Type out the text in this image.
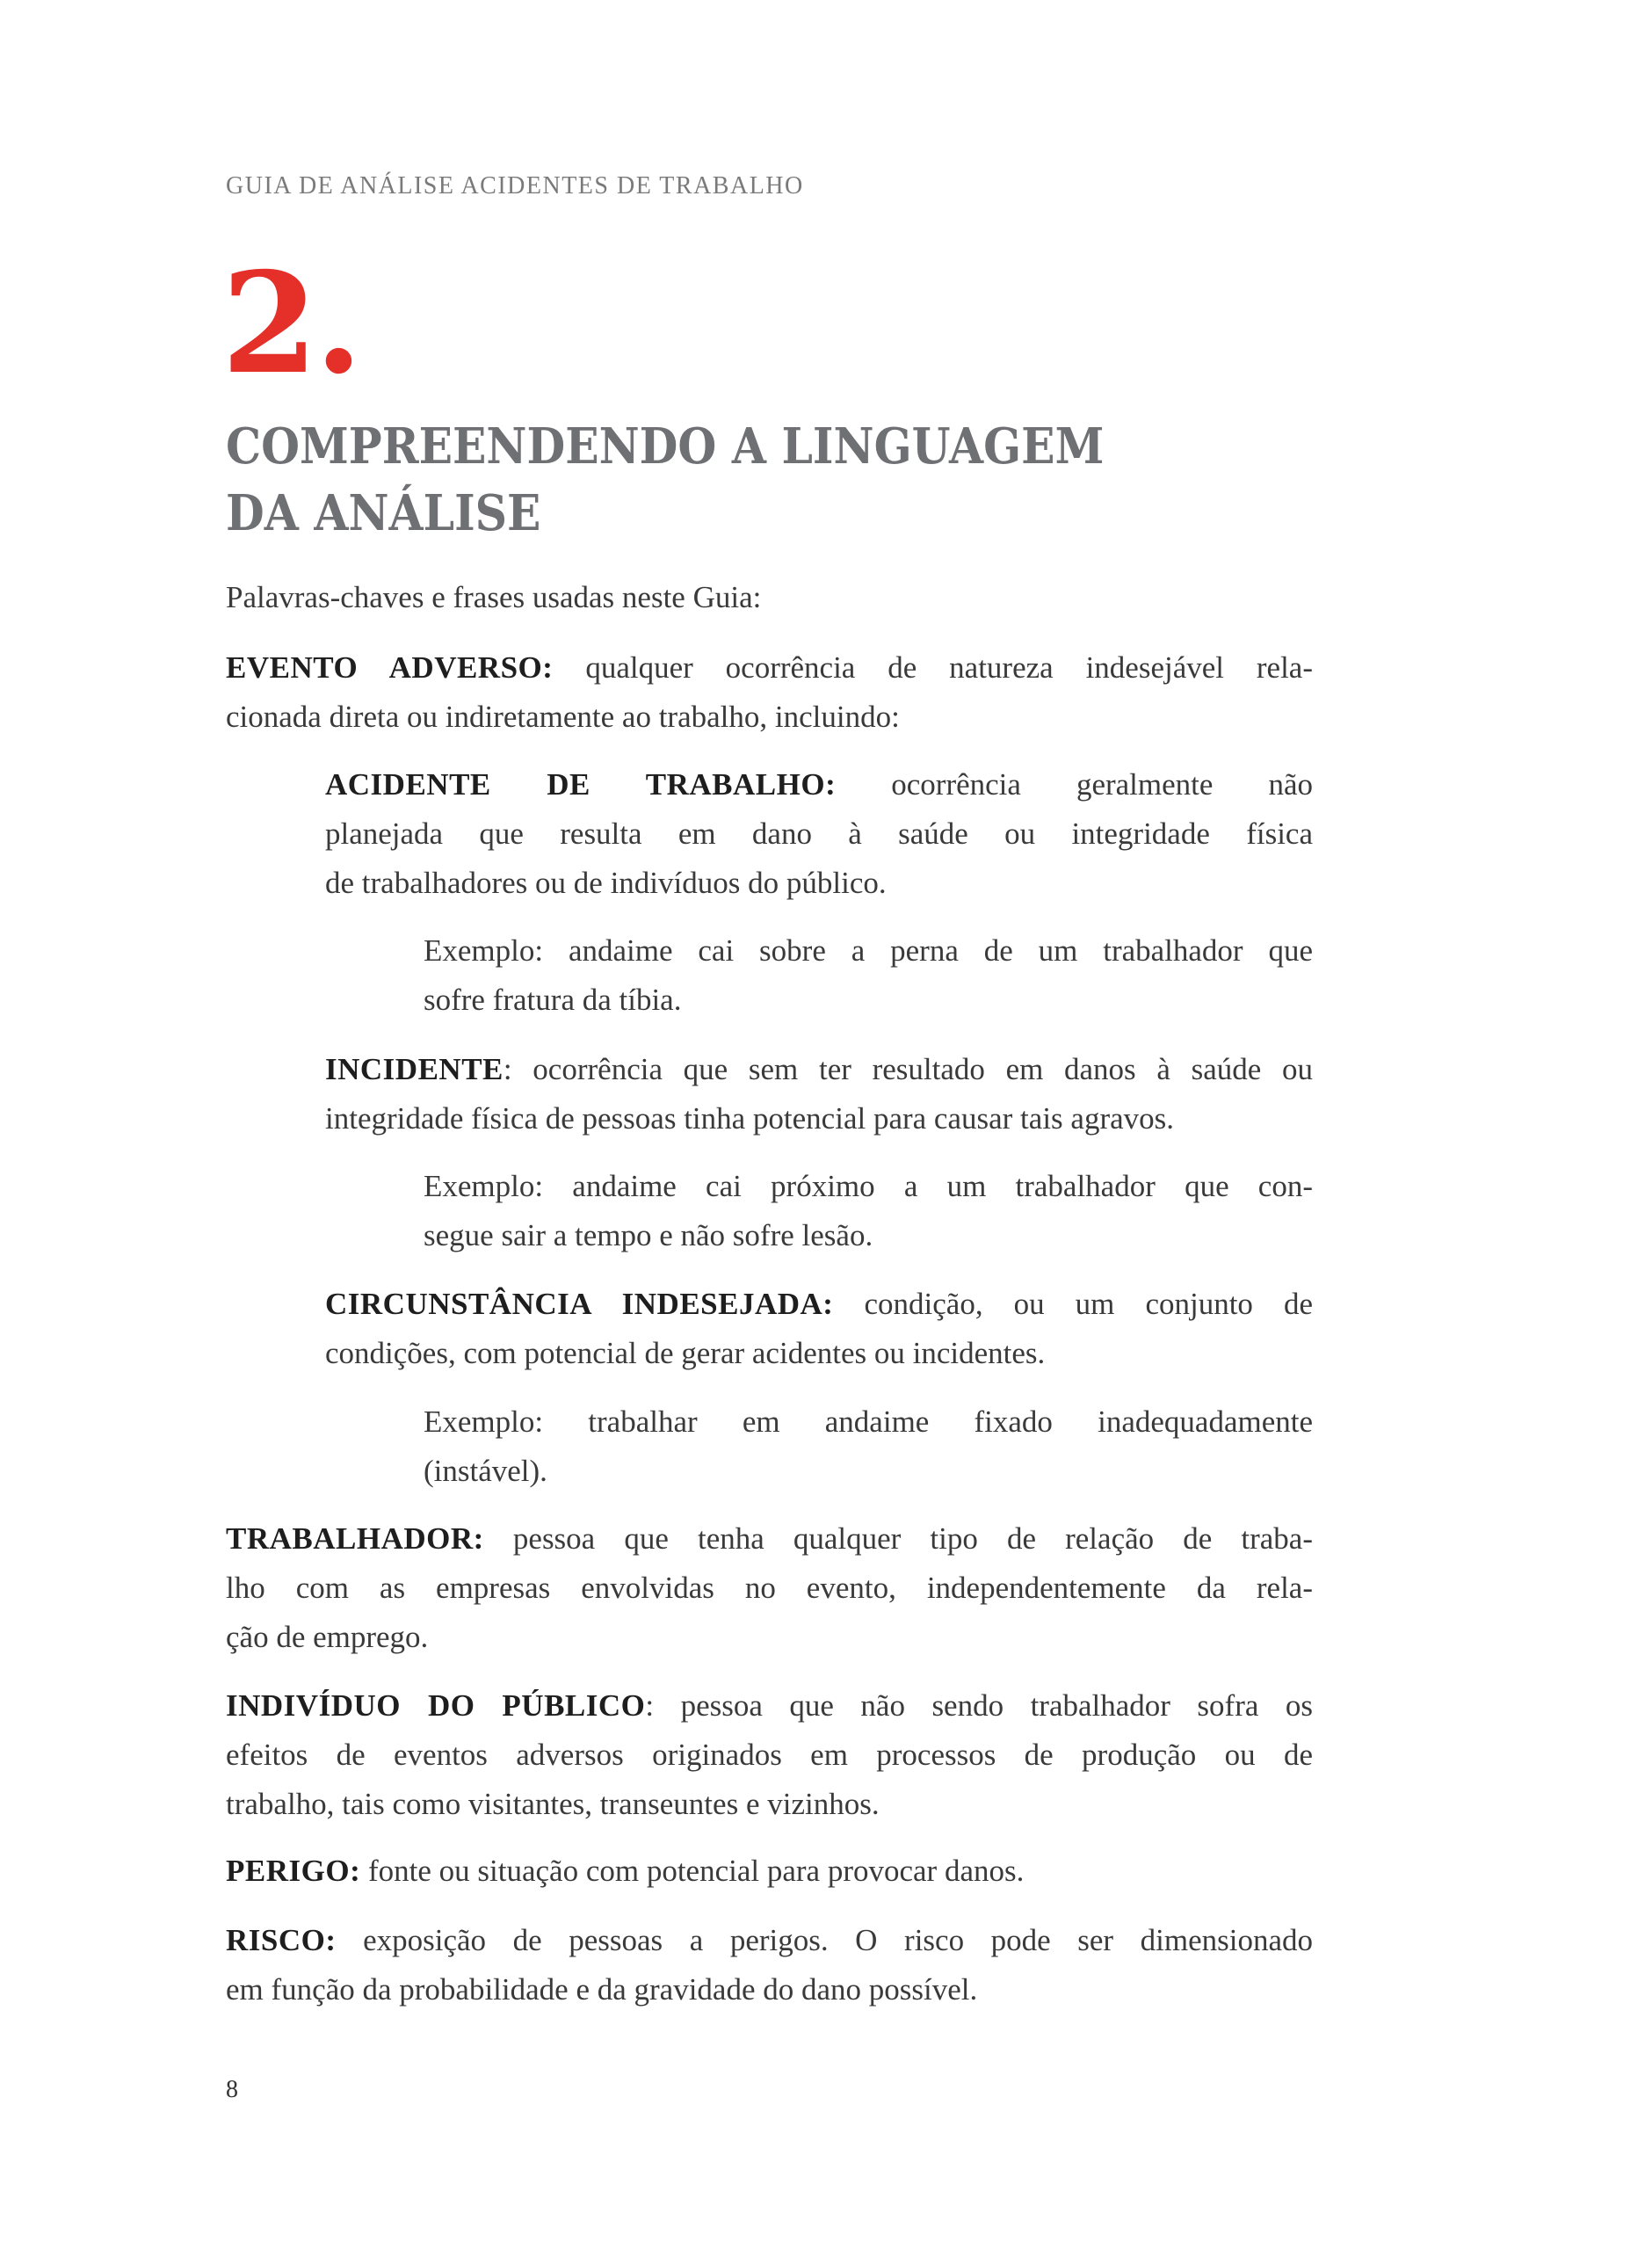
GUIA DE ANÁLISE ACIDENTES DE TRABALHO
2.
COMPREENDENDO A LINGUAGEM
DA ANÁLISE
Palavras-chaves e frases usadas neste Guia:
EVENTO ADVERSO: qualquer ocorrência de natureza indesejável rela-
cionada direta ou indiretamente ao trabalho, incluindo:
ACIDENTE DE TRABALHO: ocorrência geralmente não
planejada que resulta em dano à saúde ou integridade física
de trabalhadores ou de indivíduos do público.
Exemplo: andaime cai sobre a perna de um trabalhador que
sofre fratura da tíbia.
INCIDENTE: ocorrência que sem ter resultado em danos à saúde ou
integridade física de pessoas tinha potencial para causar tais agravos.
Exemplo: andaime cai próximo a um trabalhador que con-
segue sair a tempo e não sofre lesão.
CIRCUNSTÂNCIA INDESEJADA: condição, ou um conjunto de
condições, com potencial de gerar acidentes ou incidentes.
Exemplo: trabalhar em andaime fixado inadequadamente
(instável).
TRABALHADOR: pessoa que tenha qualquer tipo de relação de traba-
lho com as empresas envolvidas no evento, independentemente da rela-
ção de emprego.
INDIVÍDUO DO PÚBLICO: pessoa que não sendo trabalhador sofra os
efeitos de eventos adversos originados em processos de produção ou de
trabalho, tais como visitantes, transeuntes e vizinhos.
PERIGO: fonte ou situação com potencial para provocar danos.
RISCO: exposição de pessoas a perigos. O risco pode ser dimensionado
em função da probabilidade e da gravidade do dano possível.
8
